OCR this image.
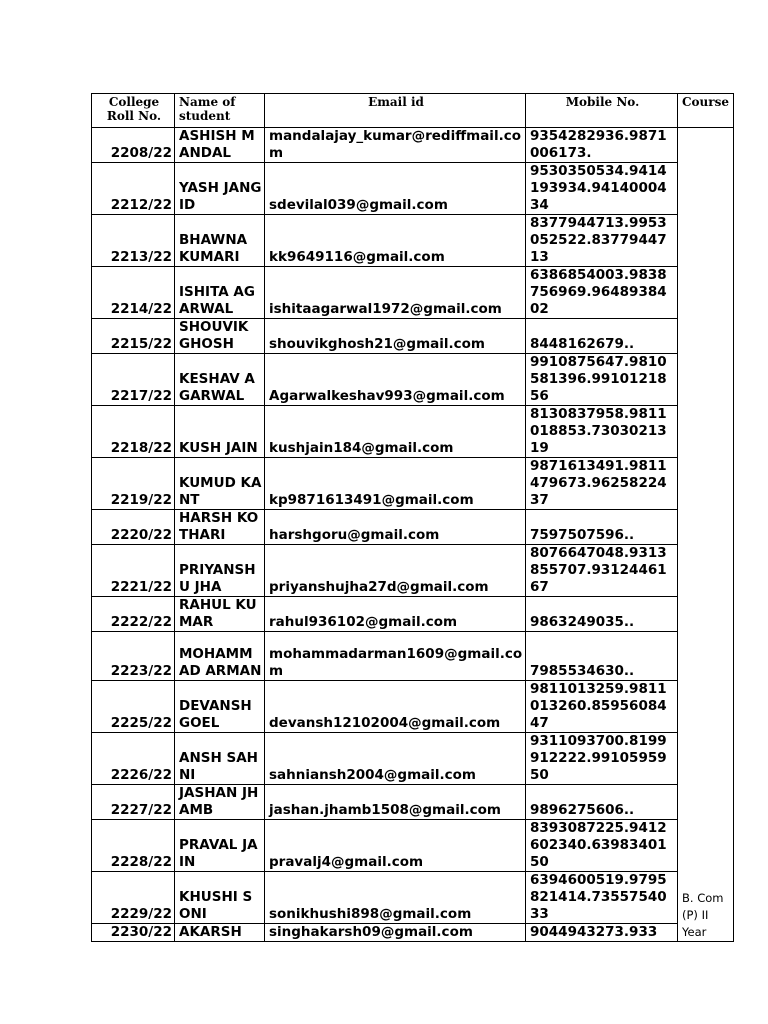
College Roll No.	Name of student	Email id	Mobile No.	Course
2208/22	ASHISH MANDAL	mandalajay_kumar@rediffmail.com	9354282936.9871006173.	B. Com (P) II Year
2212/22	YASH JANGID	sdevilal039@gmail.com	9530350534.9414193934.9414000434	
2213/22	BHAWNA KUMARI	kk9649116@gmail.com	8377944713.9953052522.8377944713	
2214/22	ISHITA AGARWAL	ishitaagarwal1972@gmail.com	6386854003.9838756969.9648938402	
2215/22	SHOUVIK GHOSH	shouvikghosh21@gmail.com	8448162679..	
2217/22	KESHAV AGARWAL	Agarwalkeshav993@gmail.com	9910875647.9810581396.9910121856	
2218/22	KUSH JAIN	kushjain184@gmail.com	8130837958.9811018853.7303021319	
2219/22	KUMUD KANT	kp9871613491@gmail.com	9871613491.9811479673.9625822437	
2220/22	HARSH KOTHARI	harshgoru@gmail.com	7597507596..	
2221/22	PRIYANSHU JHA	priyanshujha27d@gmail.com	8076647048.9313855707.9312446167	
2222/22	RAHUL KUMAR	rahul936102@gmail.com	9863249035..	
2223/22	MOHAMMAD ARMAN	mohammadarman1609@gmail.com	7985534630..	
2225/22	DEVANSH GOEL	devansh12102004@gmail.com	9811013259.9811013260.8595608447	
2226/22	ANSH SAHNI	sahniansh2004@gmail.com	9311093700.8199912222.9910595950	
2227/22	JASHAN JHAMB	jashan.jhamb1508@gmail.com	9896275606..	
2228/22	PRAVAL JAIN	pravalj4@gmail.com	8393087225.9412602340.6398340150	
2229/22	KHUSHI SONI	sonikhushi898@gmail.com	6394600519.9795821414.7355754033	
2230/22	AKARSH	singhakarsh09@gmail.com	9044943273.933	
